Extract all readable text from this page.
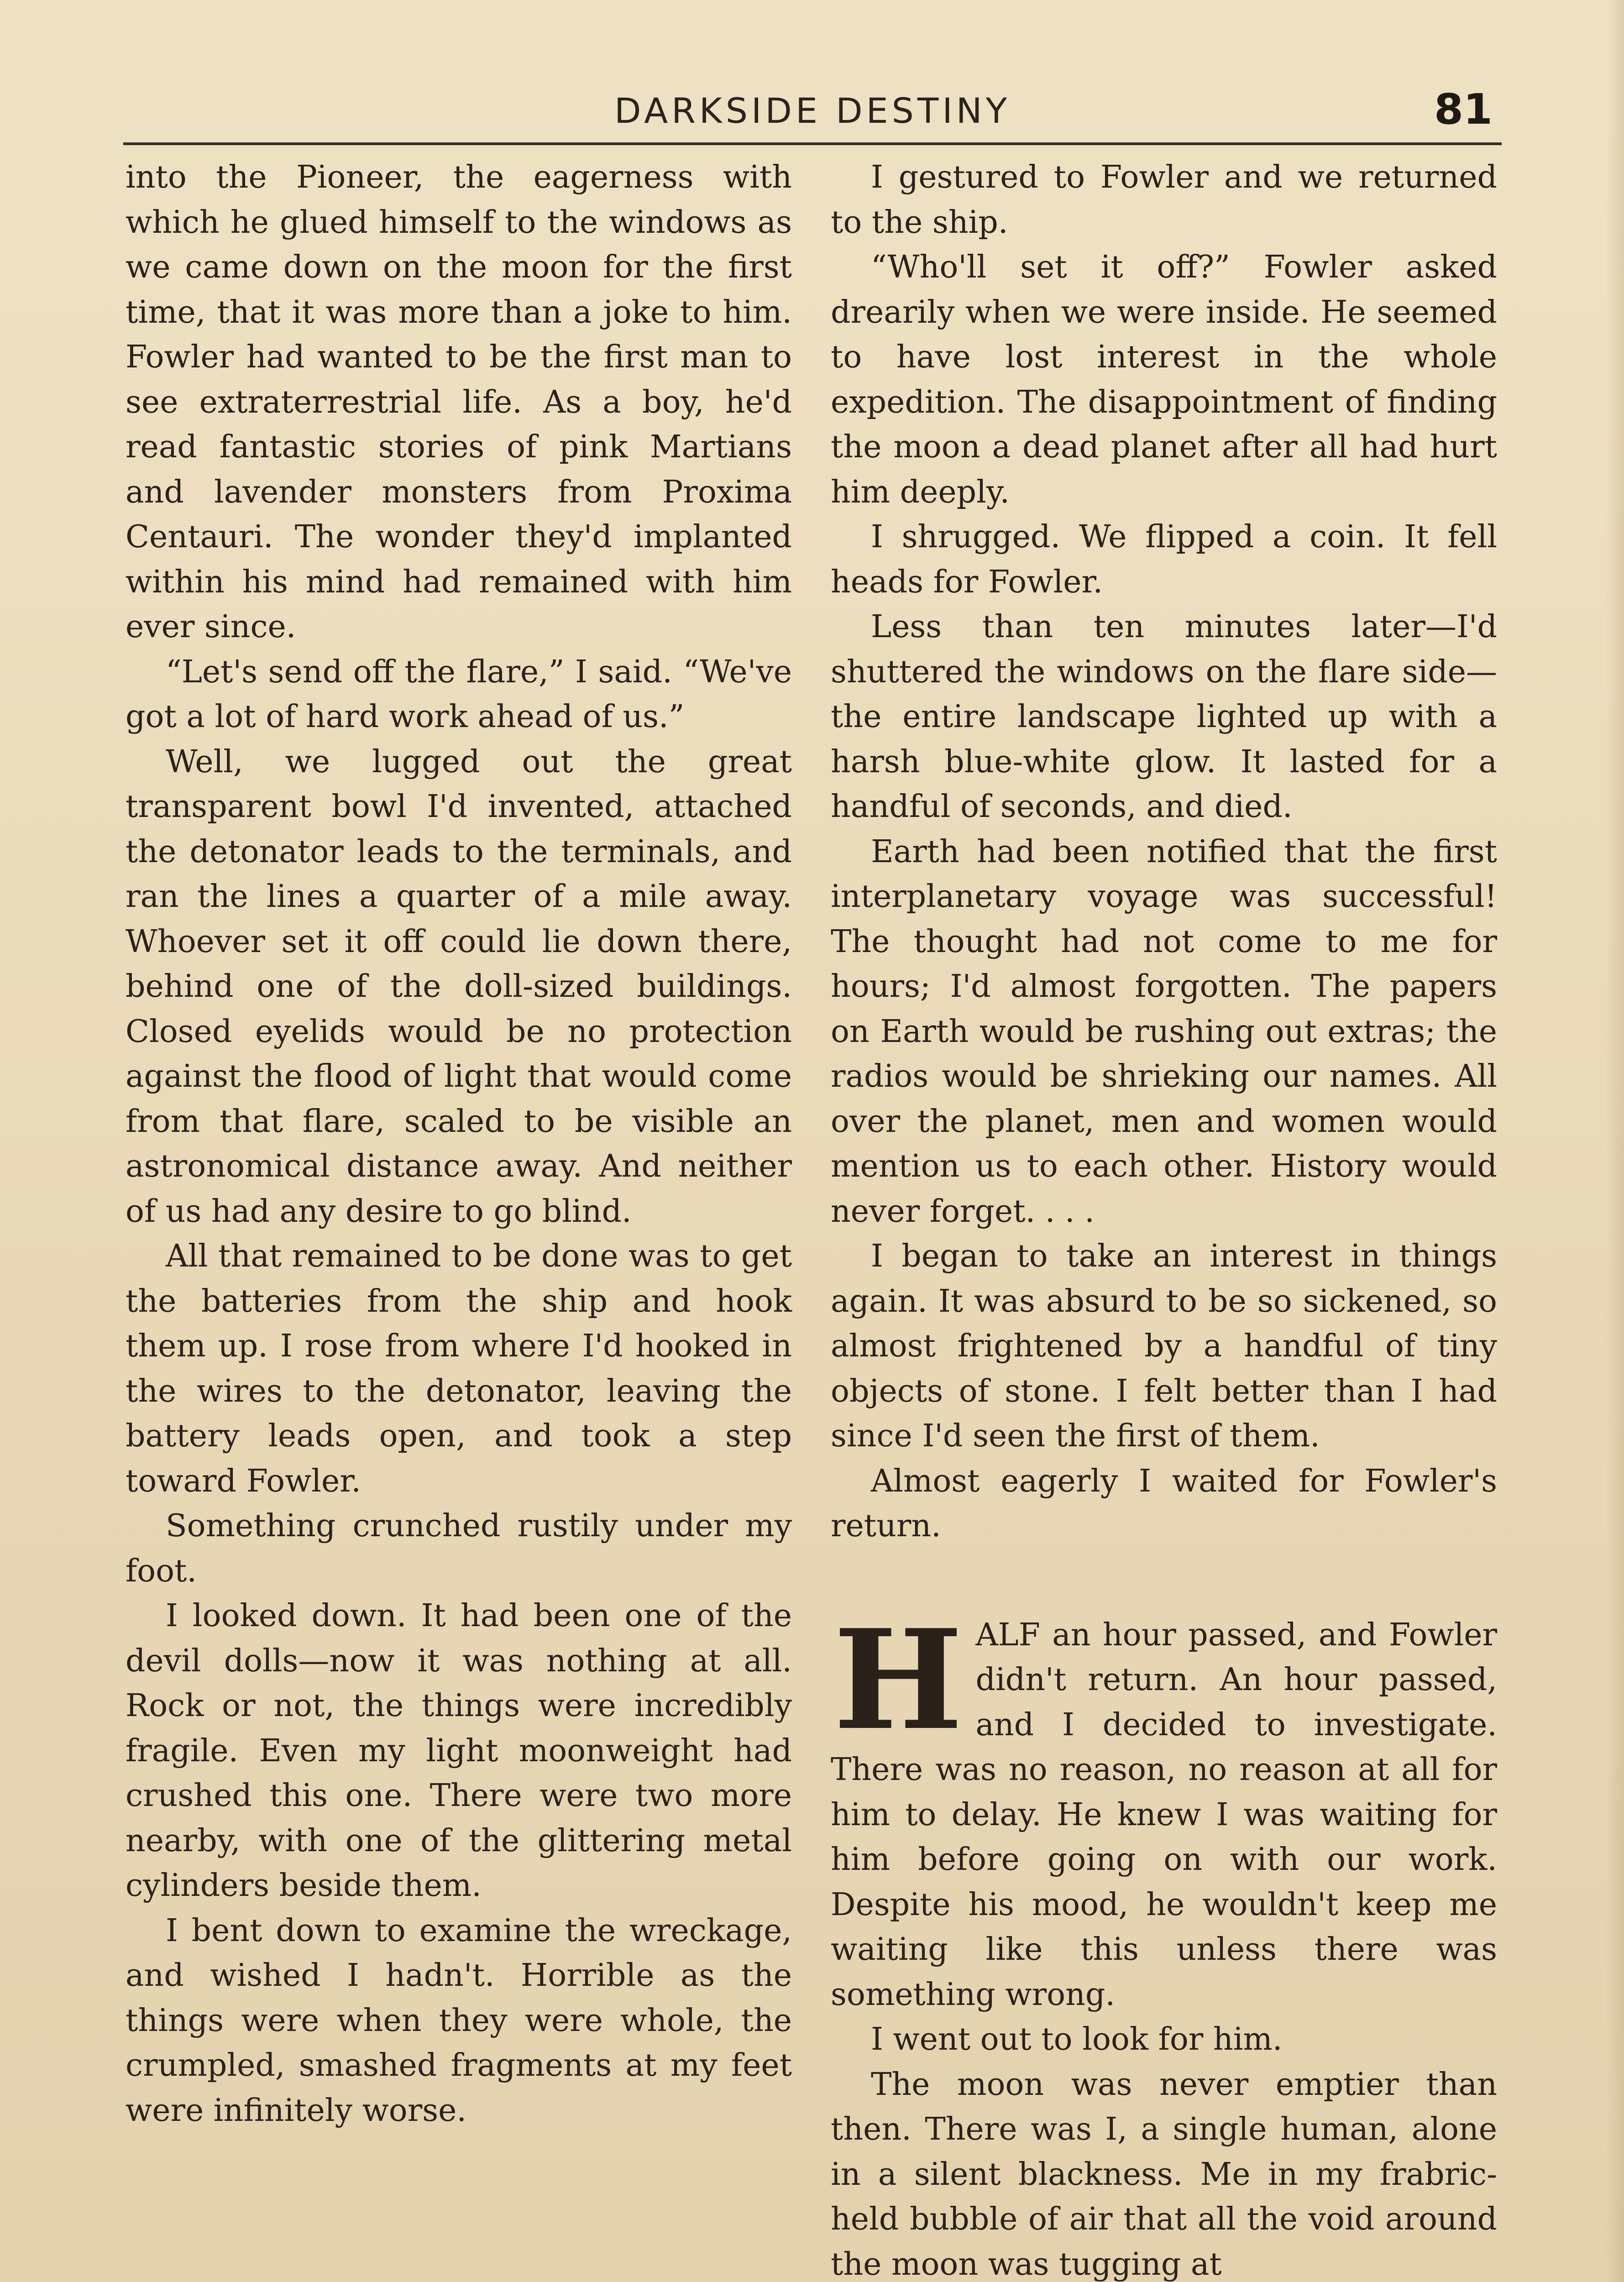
DARKSIDE DESTINY	81

into the Pioneer, the eagerness with which he glued himself to the windows as we came down on the moon for the first time, that it was more than a joke to him. Fowler had wanted to be the first man to see extraterrestrial life. As a boy, he'd read fantastic stories of pink Martians and lavender monsters from Proxima Centauri. The wonder they'd implanted within his mind had remained with him ever since.

“Let's send off the flare,” I said. “We've got a lot of hard work ahead of us.”

Well, we lugged out the great transparent bowl I'd invented, attached the detonator leads to the terminals, and ran the lines a quarter of a mile away. Whoever set it off could lie down there, behind one of the doll-sized buildings. Closed eyelids would be no protection against the flood of light that would come from that flare, scaled to be visible an astronomical distance away. And neither of us had any desire to go blind.

All that remained to be done was to get the batteries from the ship and hook them up. I rose from where I'd hooked in the wires to the detonator, leaving the battery leads open, and took a step toward Fowler.

Something crunched rustily under my foot.

I looked down. It had been one of the devil dolls—now it was nothing at all. Rock or not, the things were incredibly fragile. Even my light moonweight had crushed this one. There were two more nearby, with one of the glittering metal cylinders beside them.

I bent down to examine the wreckage, and wished I hadn't. Horrible as the things were when they were whole, the crumpled, smashed fragments at my feet were infinitely worse.

I gestured to Fowler and we returned to the ship.

“Who'll set it off?” Fowler asked drearily when we were inside. He seemed to have lost interest in the whole expedition. The disappointment of finding the moon a dead planet after all had hurt him deeply.

I shrugged. We flipped a coin. It fell heads for Fowler.

Less than ten minutes later—I'd shuttered the windows on the flare side—the entire landscape lighted up with a harsh blue-white glow. It lasted for a handful of seconds, and died.

Earth had been notified that the first interplanetary voyage was successful! The thought had not come to me for hours; I'd almost forgotten. The papers on Earth would be rushing out extras; the radios would be shrieking our names. All over the planet, men and women would mention us to each other. History would never forget. . . .

I began to take an interest in things again. It was absurd to be so sickened, so almost frightened by a handful of tiny objects of stone. I felt better than I had since I'd seen the first of them.

Almost eagerly I waited for Fowler's return.

HALF an hour passed, and Fowler didn't return. An hour passed, and I decided to investigate. There was no reason, no reason at all for him to delay. He knew I was waiting for him before going on with our work. Despite his mood, he wouldn't keep me waiting like this unless there was something wrong.

I went out to look for him.

The moon was never emptier than then. There was I, a single human, alone in a silent blackness. Me in my frabric-held bubble of air that all the void around the moon was tugging at
